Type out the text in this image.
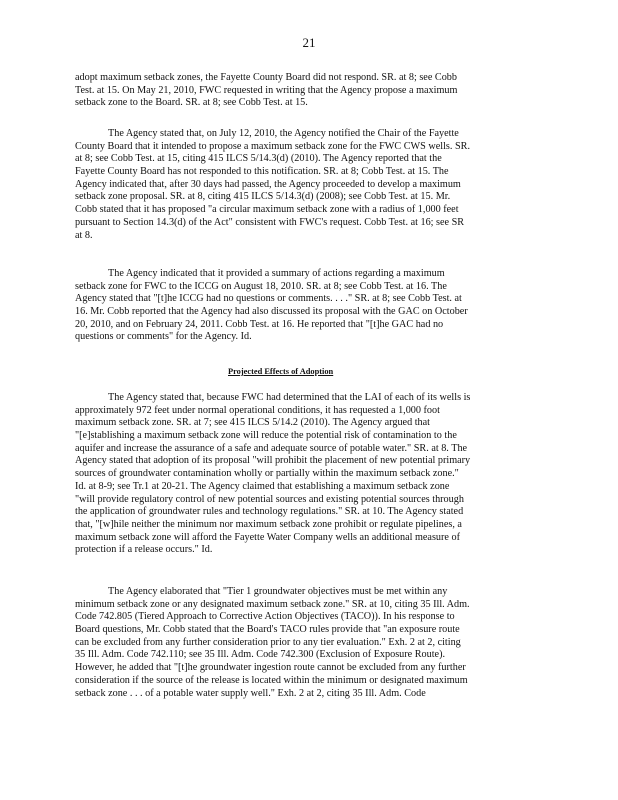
21

adopt maximum setback zones, the Fayette County Board did not respond. SR. at 8; see Cobb
Test. at 15. On May 21, 2010, FWC requested in writing that the Agency propose a maximum
setback zone to the Board. SR. at 8; see Cobb Test. at 15.

The Agency stated that, on July 12, 2010, the Agency notified the Chair of the Fayette
County Board that it intended to propose a maximum setback zone for the FWC CWS wells. SR.
at 8; see Cobb Test. at 15, citing 415 ILCS 5/14.3(d) (2010). The Agency reported that the
Fayette County Board has not responded to this notification. SR. at 8; Cobb Test. at 15. The
Agency indicated that, after 30 days had passed, the Agency proceeded to develop a maximum
setback zone proposal. SR. at 8, citing 415 ILCS 5/14.3(d) (2008); see Cobb Test. at 15. Mr.
Cobb stated that it has proposed "a circular maximum setback zone with a radius of 1,000 feet
pursuant to Section 14.3(d) of the Act" consistent with FWC's request. Cobb Test. at 16; see SR
at 8.

The Agency indicated that it provided a summary of actions regarding a maximum
setback zone for FWC to the ICCG on August 18, 2010. SR. at 8; see Cobb Test. at 16. The
Agency stated that "[t]he ICCG had no questions or comments. . . ." SR. at 8; see Cobb Test. at
16. Mr. Cobb reported that the Agency had also discussed its proposal with the GAC on October
20, 2010, and on February 24, 2011. Cobb Test. at 16. He reported that "[t]he GAC had no
questions or comments" for the Agency. Id.

Projected Effects of Adoption

The Agency stated that, because FWC had determined that the LAI of each of its wells is
approximately 972 feet under normal operational conditions, it has requested a 1,000 foot
maximum setback zone. SR. at 7; see 415 ILCS 5/14.2 (2010). The Agency argued that
"[e]stablishing a maximum setback zone will reduce the potential risk of contamination to the
aquifer and increase the assurance of a safe and adequate source of potable water." SR. at 8. The
Agency stated that adoption of its proposal "will prohibit the placement of new potential primary
sources of groundwater contamination wholly or partially within the maximum setback zone."
Id. at 8-9; see Tr.1 at 20-21. The Agency claimed that establishing a maximum setback zone
"will provide regulatory control of new potential sources and existing potential sources through
the application of groundwater rules and technology regulations." SR. at 10. The Agency stated
that, "[w]hile neither the minimum nor maximum setback zone prohibit or regulate pipelines, a
maximum setback zone will afford the Fayette Water Company wells an additional measure of
protection if a release occurs." Id.

The Agency elaborated that "Tier 1 groundwater objectives must be met within any
minimum setback zone or any designated maximum setback zone." SR. at 10, citing 35 Ill. Adm.
Code 742.805 (Tiered Approach to Corrective Action Objectives (TACO)). In his response to
Board questions, Mr. Cobb stated that the Board's TACO rules provide that "an exposure route
can be excluded from any further consideration prior to any tier evaluation." Exh. 2 at 2, citing
35 Ill. Adm. Code 742.110; see 35 Ill. Adm. Code 742.300 (Exclusion of Exposure Route).
However, he added that "[t]he groundwater ingestion route cannot be excluded from any further
consideration if the source of the release is located within the minimum or designated maximum
setback zone . . . of a potable water supply well." Exh. 2 at 2, citing 35 Ill. Adm. Code
